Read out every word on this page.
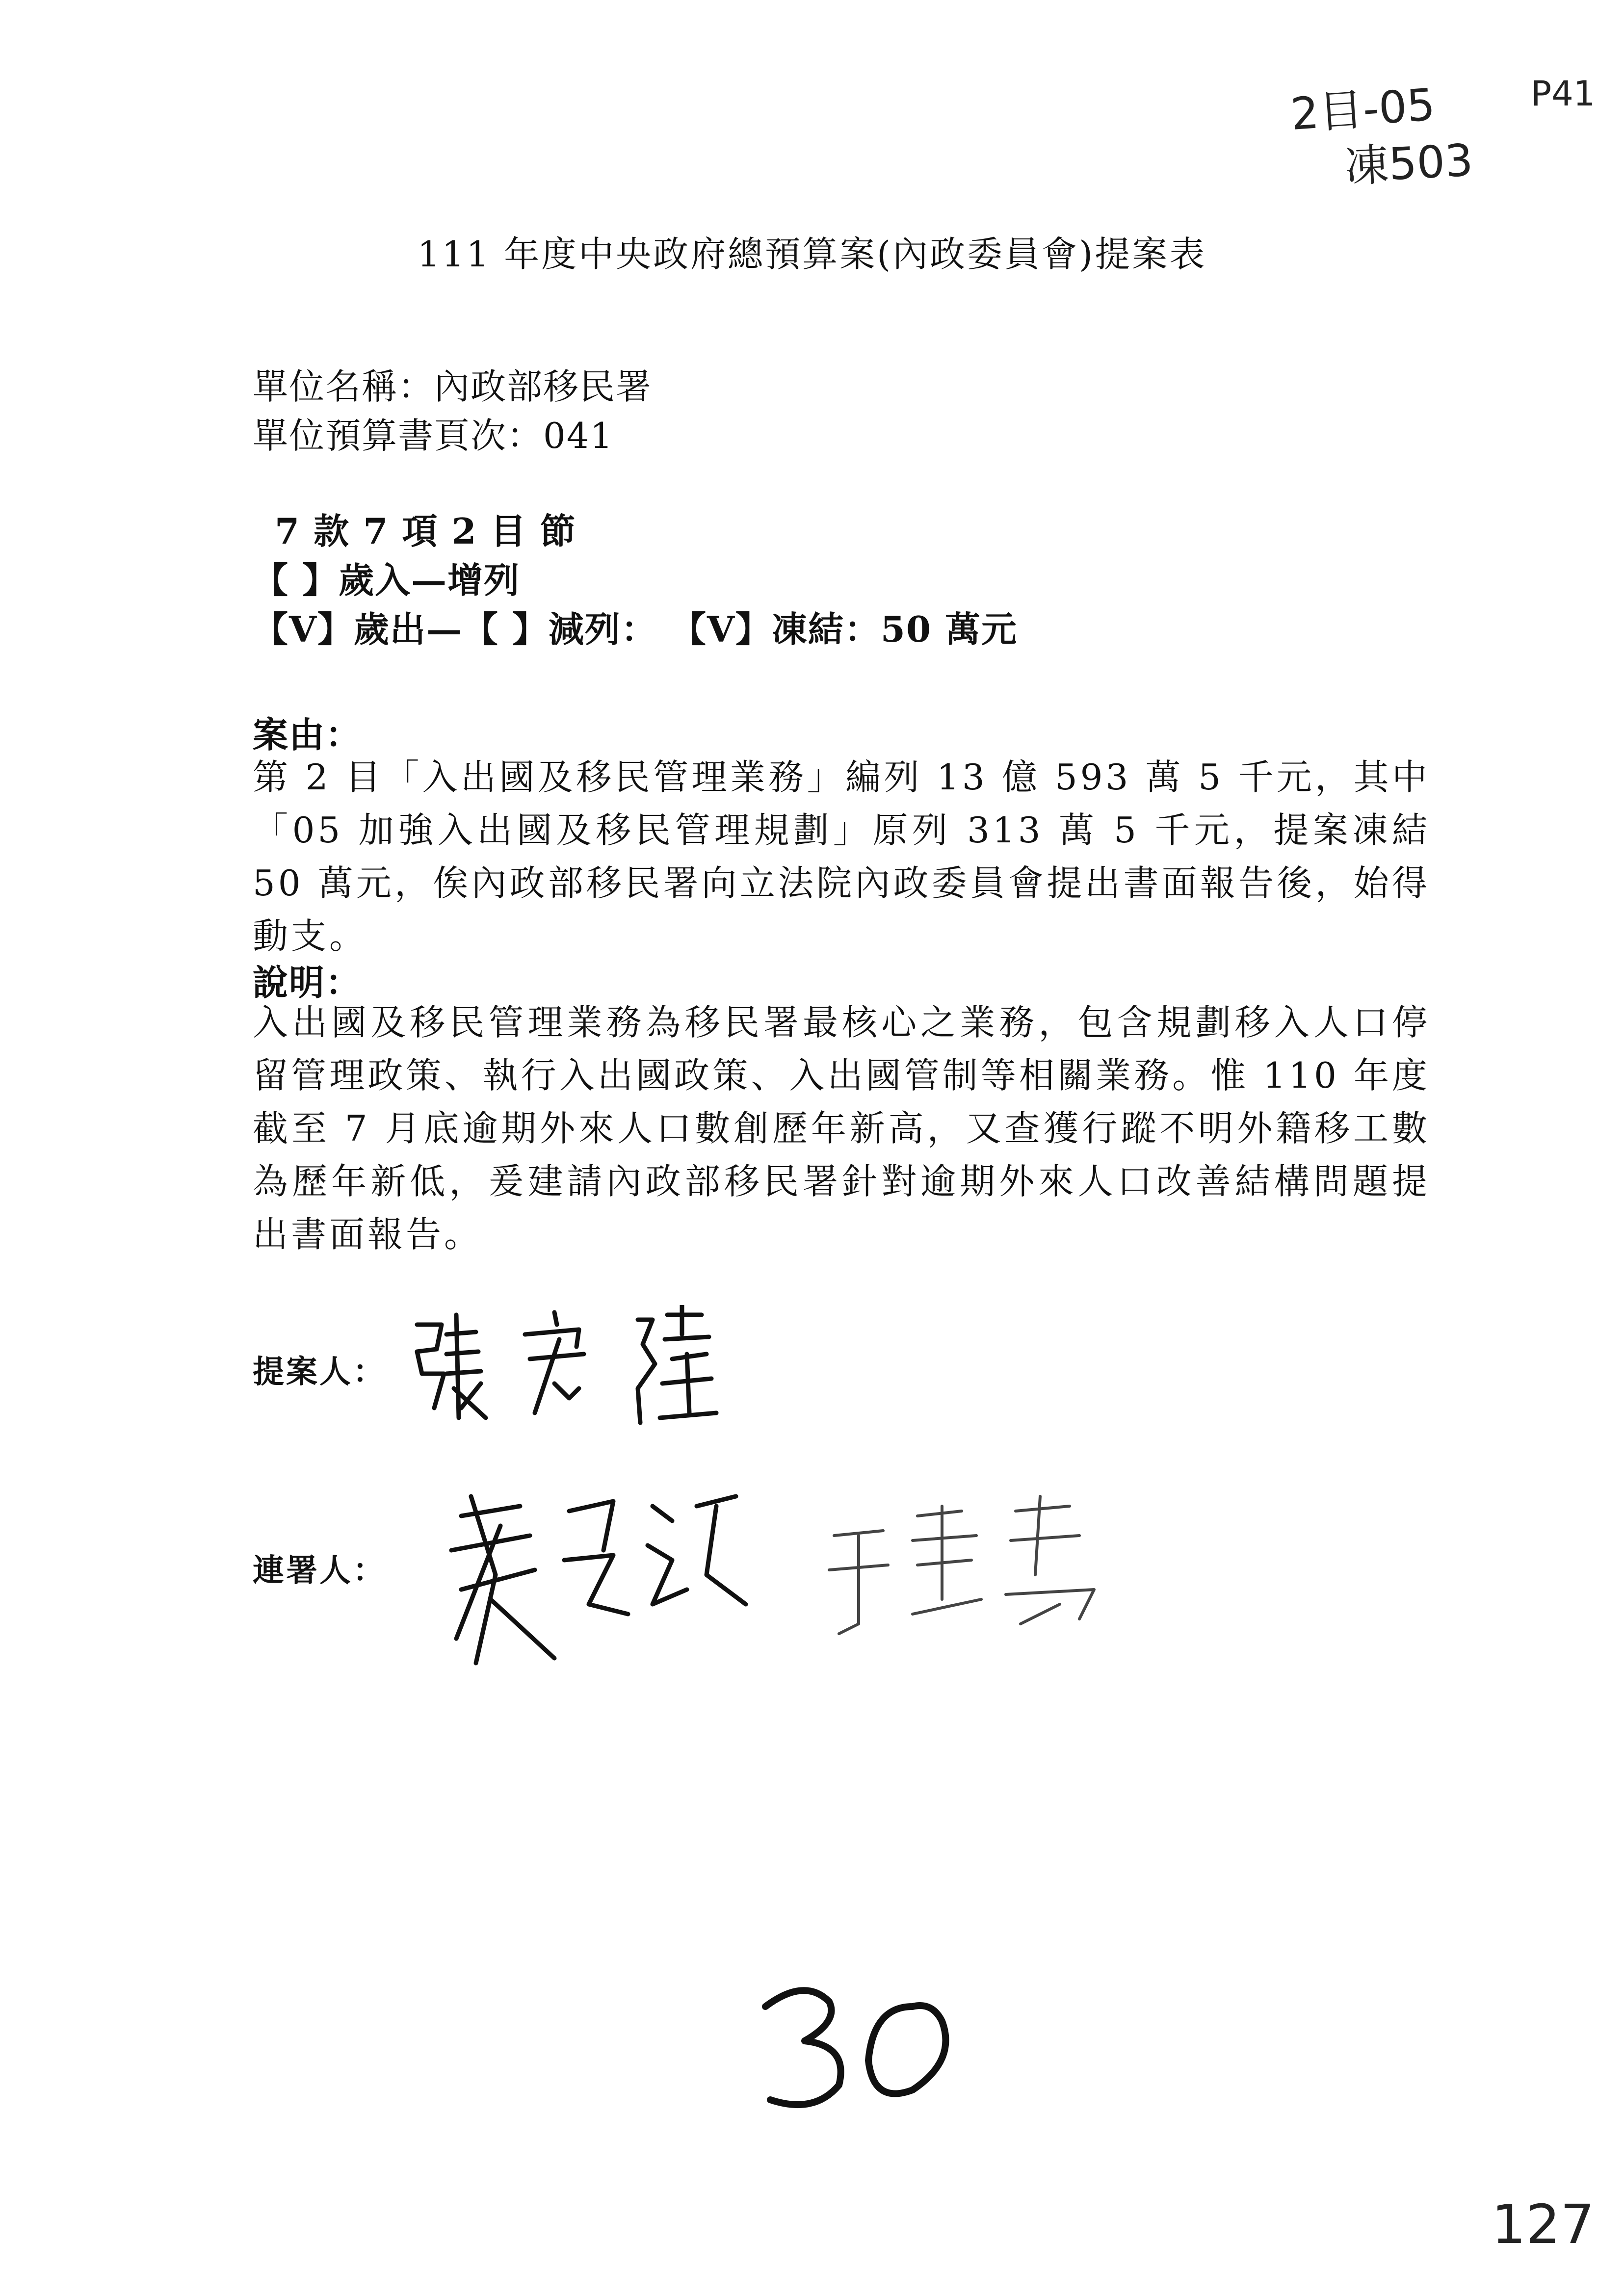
2目-05	P41
凍503
111 年度中央政府總預算案(內政委員會)提案表
單位名稱：內政部移民署
單位預算書頁次：041
7 款 7 項 2 目 節
【 】歲入—增列
【V】歲出—【 】減列： 【V】凍結：50 萬元
案由：
第 2 目「入出國及移民管理業務」編列 13 億 593 萬 5 千元，其中「05 加強入出國及移民管理規劃」原列 313 萬 5 千元，提案凍結 50 萬元，俟內政部移民署向立法院內政委員會提出書面報告後，始得動支。
說明：
入出國及移民管理業務為移民署最核心之業務，包含規劃移入人口停留管理政策、執行入出國政策、入出國管制等相關業務。惟 110 年度截至 7 月底逾期外來人口數創歷年新高，又查獲行蹤不明外籍移工數為歷年新低，爰建請內政部移民署針對逾期外來人口改善結構問題提出書面報告。
提案人：
連署人：
30
127
